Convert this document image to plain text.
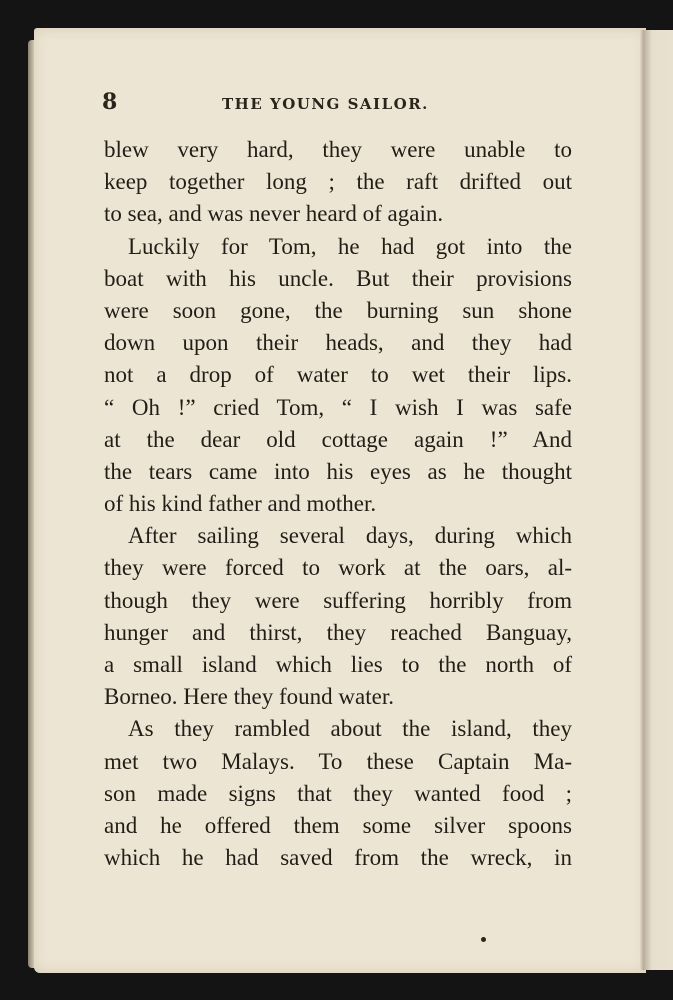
8	THE YOUNG SAILOR.
blew very hard, they were unable to
keep together long ; the raft drifted out
to sea, and was never heard of again.
Luckily for Tom, he had got into the
boat with his uncle. But their provisions
were soon gone, the burning sun shone
down upon their heads, and they had
not a drop of water to wet their lips.
“ Oh !” cried Tom, “ I wish I was safe
at the dear old cottage again !” And
the tears came into his eyes as he thought
of his kind father and mother.
After sailing several days, during which
they were forced to work at the oars, al-
though they were suffering horribly from
hunger and thirst, they reached Banguay,
a small island which lies to the north of
Borneo. Here they found water.
As they rambled about the island, they
met two Malays. To these Captain Ma-
son made signs that they wanted food ;
and he offered them some silver spoons
which he had saved from the wreck, in
